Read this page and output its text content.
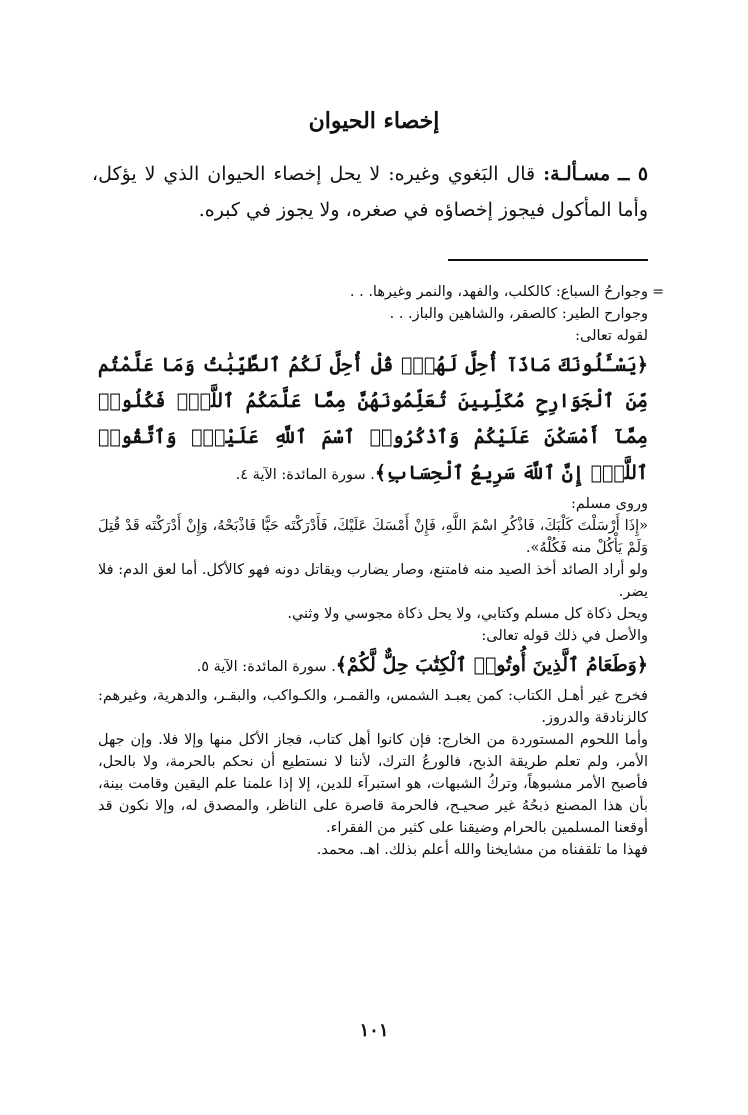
إخصاء الحيوان
٥ ــ مسـألـة: قال البَغوي وغيره: لا يحل إخصاء الحيوان الذي لا يؤكل، وأما المأكول فيجوز إخصاؤه في صغره، ولا يجوز في كبره.
=

وجوارحُ السباع: كالكلب، والفهد، والنمر وغيرها. . .

وجوارح الطير: كالصقر، والشاهين والباز. . .

لقوله تعالى:

﴿يَسْـَٔلُونَكَ مَاذَآ أُحِلَّ لَهُمْۖ قُلْ أُحِلَّ لَكُمُ ٱلطَّيِّبَٰتُ وَمَا عَلَّمْتُم مِّنَ ٱلْجَوَارِحِ مُكَلِّبِينَ تُعَلِّمُونَهُنَّ مِمَّا عَلَّمَكُمُ ٱللَّهُۖ فَكُلُوا۟ مِمَّآ أَمْسَكْنَ عَلَيْكُمْ وَٱذْكُرُوا۟ ٱسْمَ ٱللَّهِ عَلَيْهِۖ وَٱتَّقُوا۟ ٱللَّهَۚ إِنَّ ٱللَّهَ سَرِيعُ ٱلْحِسَابِ﴾. سورة المائدة: الآية ٤.

وروى مسلم:

«إِذَا أَرْسَلْتَ كَلْبَكَ، فَاذْكُرِ اسْمَ اللَّهِ، فَإِنْ أَمْسَكَ عَلَيْكَ، فَأَدْرَكْتَه حَيًّا فَاذْبَحْهُ، وَإِنْ أَدْرَكْتَه قَدْ قُتِلَ وَلَمْ يَأْكُلْ منه فَكُلْهُ».

ولو أراد الصائد أخذ الصيد منه فامتنع، وصار يضارب ويقاتل دونه فهو كالأكل. أما لعق الدم: فلا يضر.

ويحل ذكاة كل مسلم وكتابي، ولا يحل ذكاة مجوسي ولا وثني.

والأصل في ذلك قوله تعالى:

﴿وَطَعَامُ ٱلَّذِينَ أُوتُوا۟ ٱلْكِتَٰبَ حِلٌّ لَّكُمْ﴾. سورة المائدة: الآية ٥.

فخرج غير أهـل الكتاب: كمن يعبـد الشمس، والقمـر، والكـواكب، والبقـر، والدهرية، وغيرهم: كالزنادقة والدروز.

وأما اللحوم المستوردة من الخارج: فإن كانوا أهل كتاب، فجاز الأكل منها وإلا فلا. وإن جهل الأمر، ولم تعلم طريقة الذبح، فالورعُ الترك، لأننا لا نستطيع أن نحكم بالحرمة، ولا بالحل، فأصبح الأمر مشبوهاً، وتركُ الشبهات، هو استبرآء للدين، إلا إذا علمنا علم اليقين وقامت بينة، بأن هذا المصنع ذبحُهُ غير صحيـح، فالحرمة قاصرة على الناظر، والمصدق له، وإلا نكون قد أوقعنا المسلمين بالحرام وضيقنا على كثير من الفقراء.

فهذا ما تلقفناه من مشايخنا والله أعلم بذلك. اهـ. محمد.

١٠١
